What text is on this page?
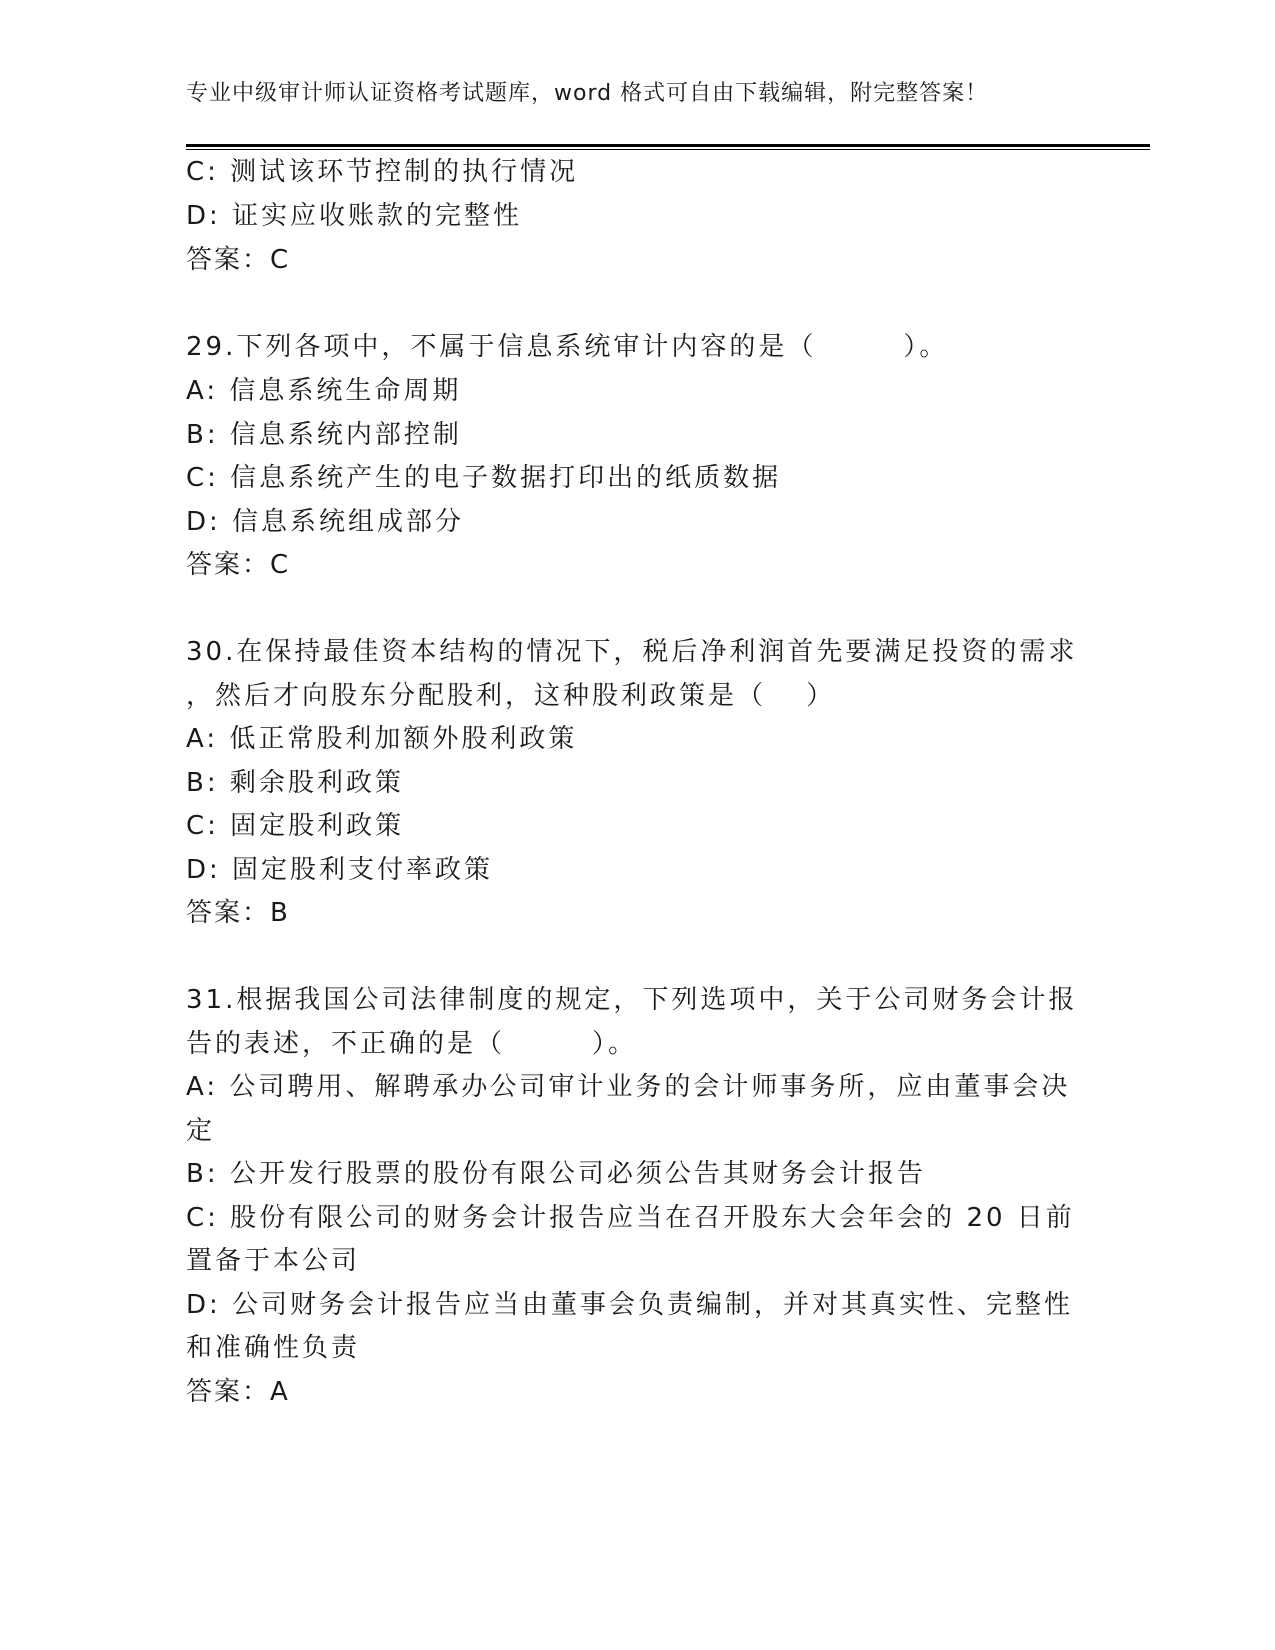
专业中级审计师认证资格考试题库，word 格式可自由下载编辑，附完整答案！
C: 测试该环节控制的执行情况
D: 证实应收账款的完整性
答案：C
29.下列各项中，不属于信息系统审计内容的是（　　　）。
A: 信息系统生命周期
B: 信息系统内部控制
C: 信息系统产生的电子数据打印出的纸质数据
D: 信息系统组成部分
答案：C
30.在保持最佳资本结构的情况下，税后净利润首先要满足投资的需求
，然后才向股东分配股利，这种股利政策是（　 ）
A: 低正常股利加额外股利政策
B: 剩余股利政策
C: 固定股利政策
D: 固定股利支付率政策
答案：B
31.根据我国公司法律制度的规定，下列选项中，关于公司财务会计报
告的表述，不正确的是（　　　）。
A: 公司聘用、解聘承办公司审计业务的会计师事务所，应由董事会决
定
B: 公开发行股票的股份有限公司必须公告其财务会计报告
C: 股份有限公司的财务会计报告应当在召开股东大会年会的 20 日前
置备于本公司
D: 公司财务会计报告应当由董事会负责编制，并对其真实性、完整性
和准确性负责
答案：A
